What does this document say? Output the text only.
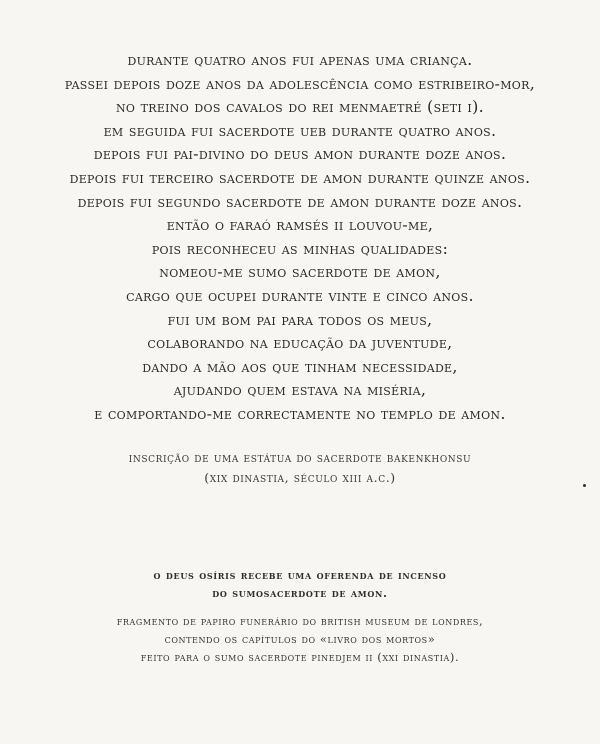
durante quatro anos fui apenas uma criança.
passei depois doze anos da adolescência como estribeiro-mor,
no treino dos cavalos do rei menmaetré (seti i).
em seguida fui sacerdote ueb durante quatro anos.
depois fui pai-divino do deus amon durante doze anos.
depois fui terceiro sacerdote de amon durante quinze anos.
depois fui segundo sacerdote de amon durante doze anos.
então o faraó ramsés ii louvou-me,
pois reconheceu as minhas qualidades:
nomeou-me sumo sacerdote de amon,
cargo que ocupei durante vinte e cinco anos.
fui um bom pai para todos os meus,
colaborando na educação da juventude,
dando a mão aos que tinham necessidade,
ajudando quem estava na miséria,
e comportando-me correctamente no templo de amon.
inscrição de uma estátua do sacerdote bakenkhonsu
(xix dinastia, século xiii a.c.)
o deus osíris recebe uma oferenda de incenso
do sumosacerdote de amon.
fragmento de papiro funerário do british museum de londres,
contendo os capítulos do «livro dos mortos»
feito para o sumo sacerdote pinedjem ii (xxi dinastia).
